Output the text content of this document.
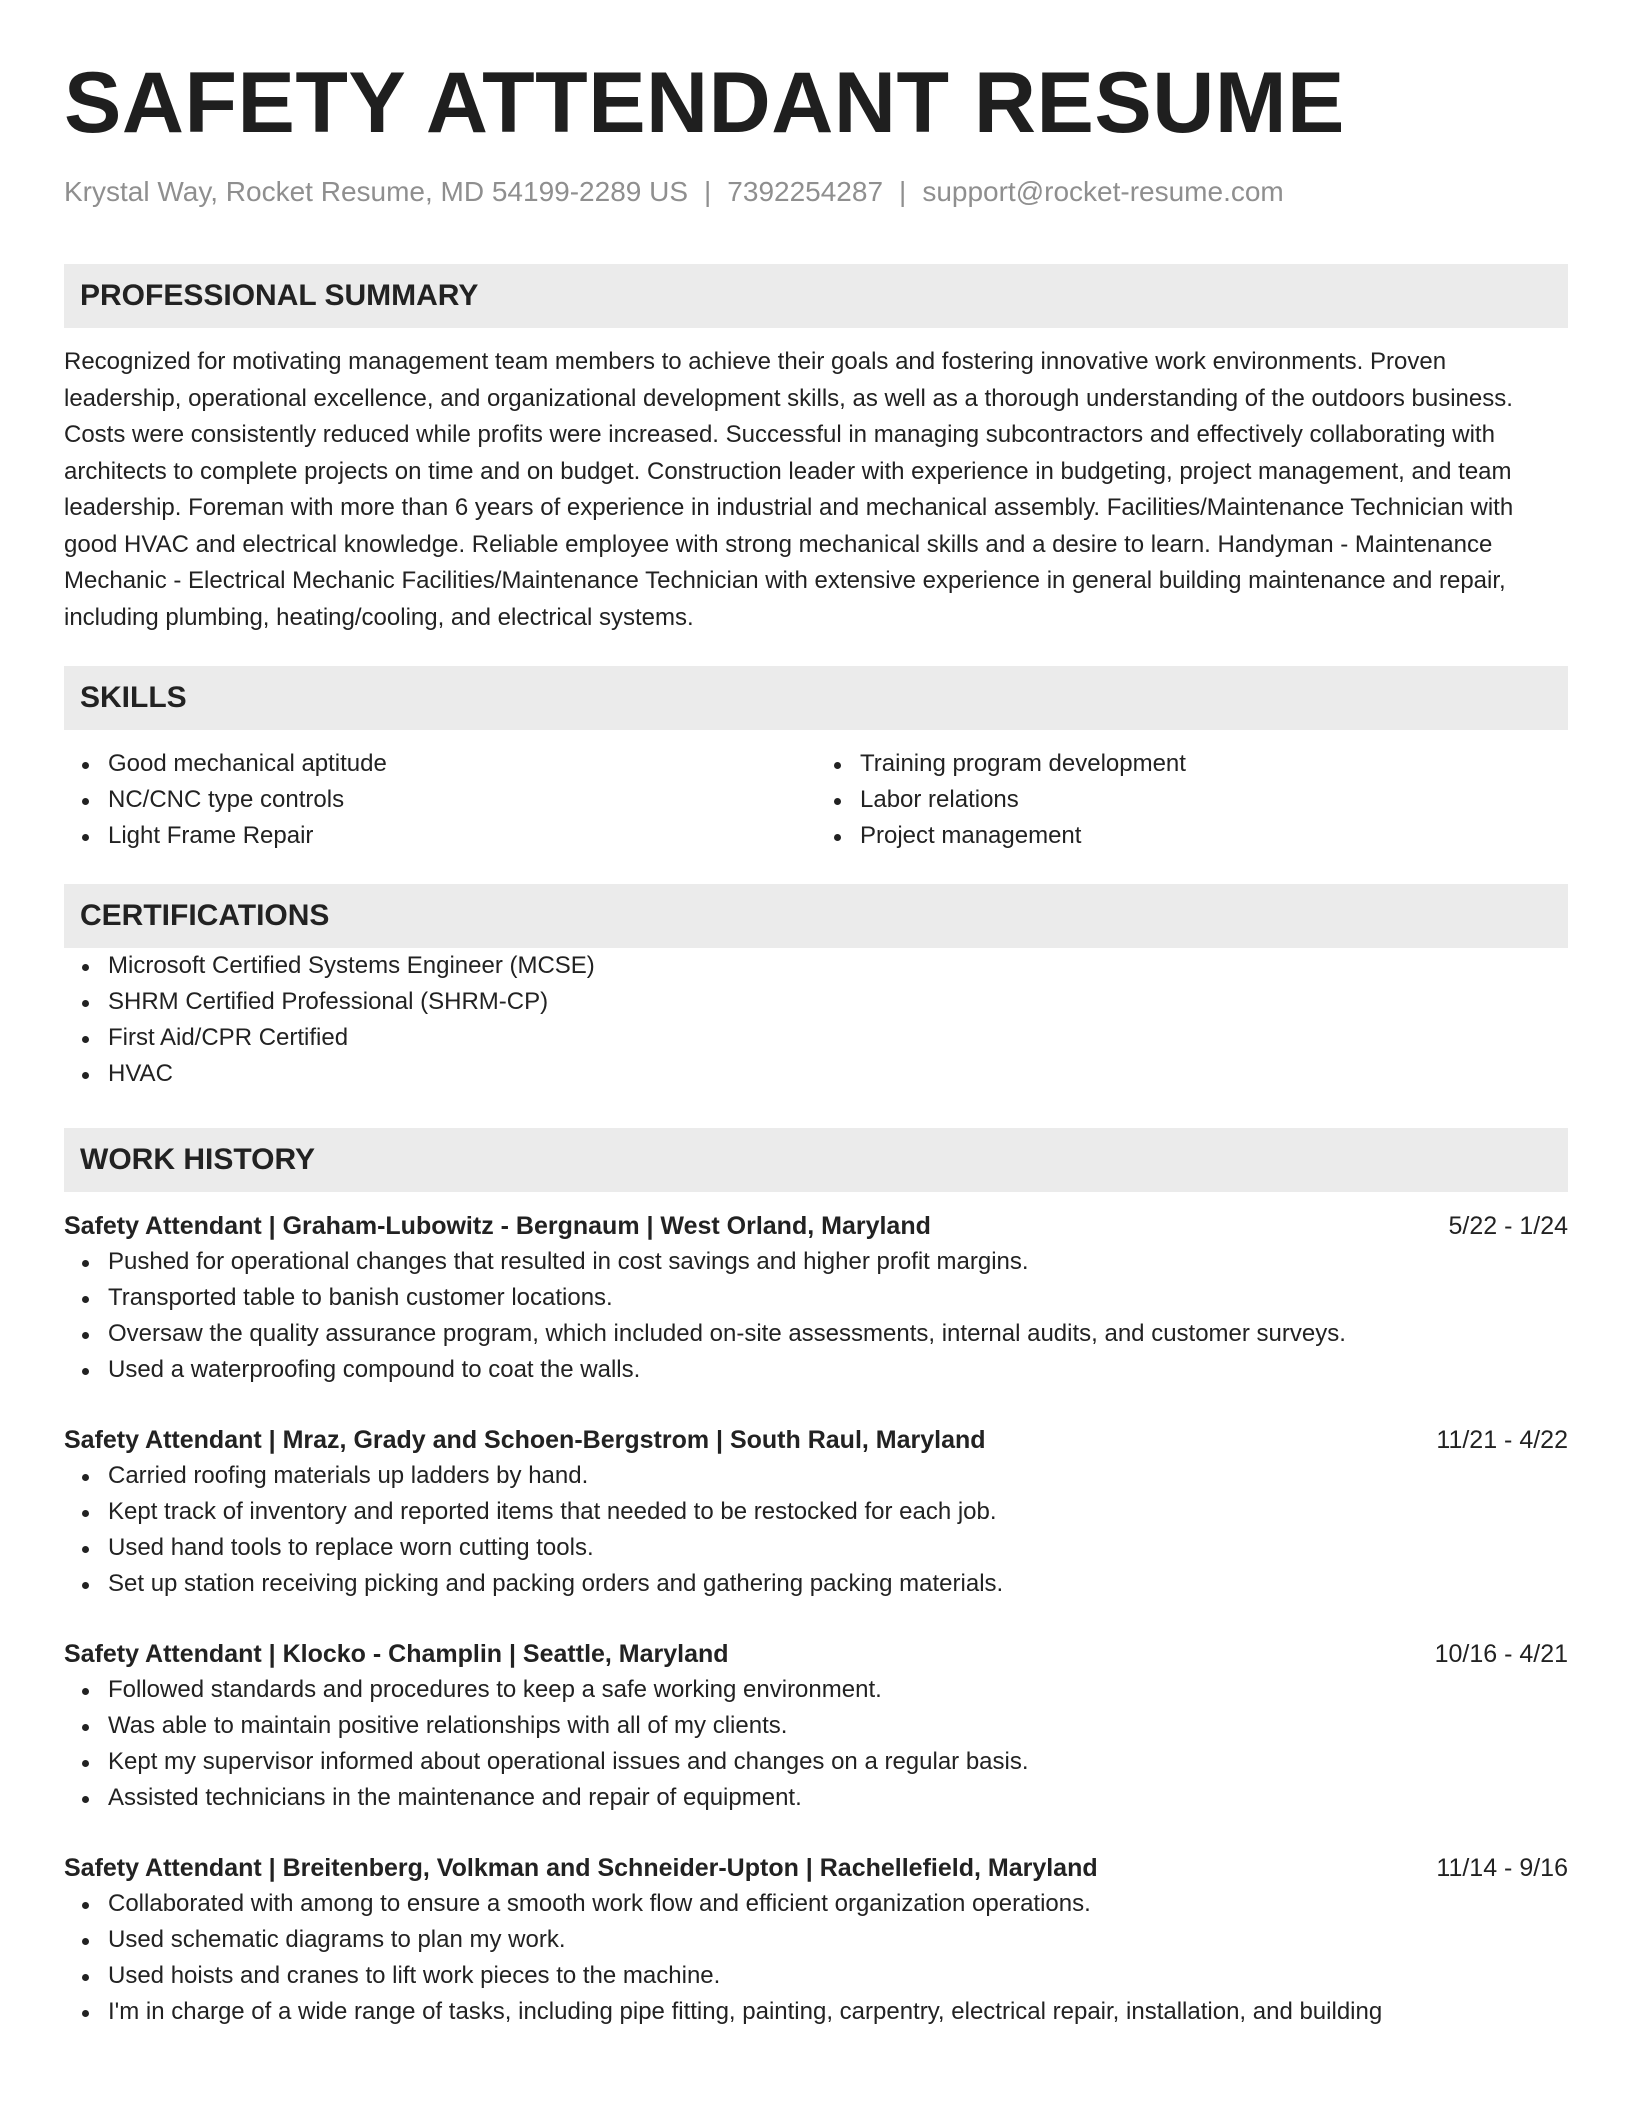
SAFETY ATTENDANT RESUME
Krystal Way, Rocket Resume, MD 54199-2289 US | 7392254287 | support@rocket-resume.com
PROFESSIONAL SUMMARY
Recognized for motivating management team members to achieve their goals and fostering innovative work environments. Proven leadership, operational excellence, and organizational development skills, as well as a thorough understanding of the outdoors business. Costs were consistently reduced while profits were increased. Successful in managing subcontractors and effectively collaborating with architects to complete projects on time and on budget. Construction leader with experience in budgeting, project management, and team leadership. Foreman with more than 6 years of experience in industrial and mechanical assembly. Facilities/Maintenance Technician with good HVAC and electrical knowledge. Reliable employee with strong mechanical skills and a desire to learn. Handyman - Maintenance Mechanic - Electrical Mechanic Facilities/Maintenance Technician with extensive experience in general building maintenance and repair, including plumbing, heating/cooling, and electrical systems.
SKILLS
Good mechanical aptitude
NC/CNC type controls
Light Frame Repair
Training program development
Labor relations
Project management
CERTIFICATIONS
Microsoft Certified Systems Engineer (MCSE)
SHRM Certified Professional (SHRM-CP)
First Aid/CPR Certified
HVAC
WORK HISTORY
Safety Attendant | Graham-Lubowitz - Bergnaum | West Orland, Maryland	5/22 - 1/24
Pushed for operational changes that resulted in cost savings and higher profit margins.
Transported table to banish customer locations.
Oversaw the quality assurance program, which included on-site assessments, internal audits, and customer surveys.
Used a waterproofing compound to coat the walls.
Safety Attendant | Mraz, Grady and Schoen-Bergstrom | South Raul, Maryland	11/21 - 4/22
Carried roofing materials up ladders by hand.
Kept track of inventory and reported items that needed to be restocked for each job.
Used hand tools to replace worn cutting tools.
Set up station receiving picking and packing orders and gathering packing materials.
Safety Attendant | Klocko - Champlin | Seattle, Maryland	10/16 - 4/21
Followed standards and procedures to keep a safe working environment.
Was able to maintain positive relationships with all of my clients.
Kept my supervisor informed about operational issues and changes on a regular basis.
Assisted technicians in the maintenance and repair of equipment.
Safety Attendant | Breitenberg, Volkman and Schneider-Upton | Rachellefield, Maryland	11/14 - 9/16
Collaborated with among to ensure a smooth work flow and efficient organization operations.
Used schematic diagrams to plan my work.
Used hoists and cranes to lift work pieces to the machine.
I'm in charge of a wide range of tasks, including pipe fitting, painting, carpentry, electrical repair, installation, and building
